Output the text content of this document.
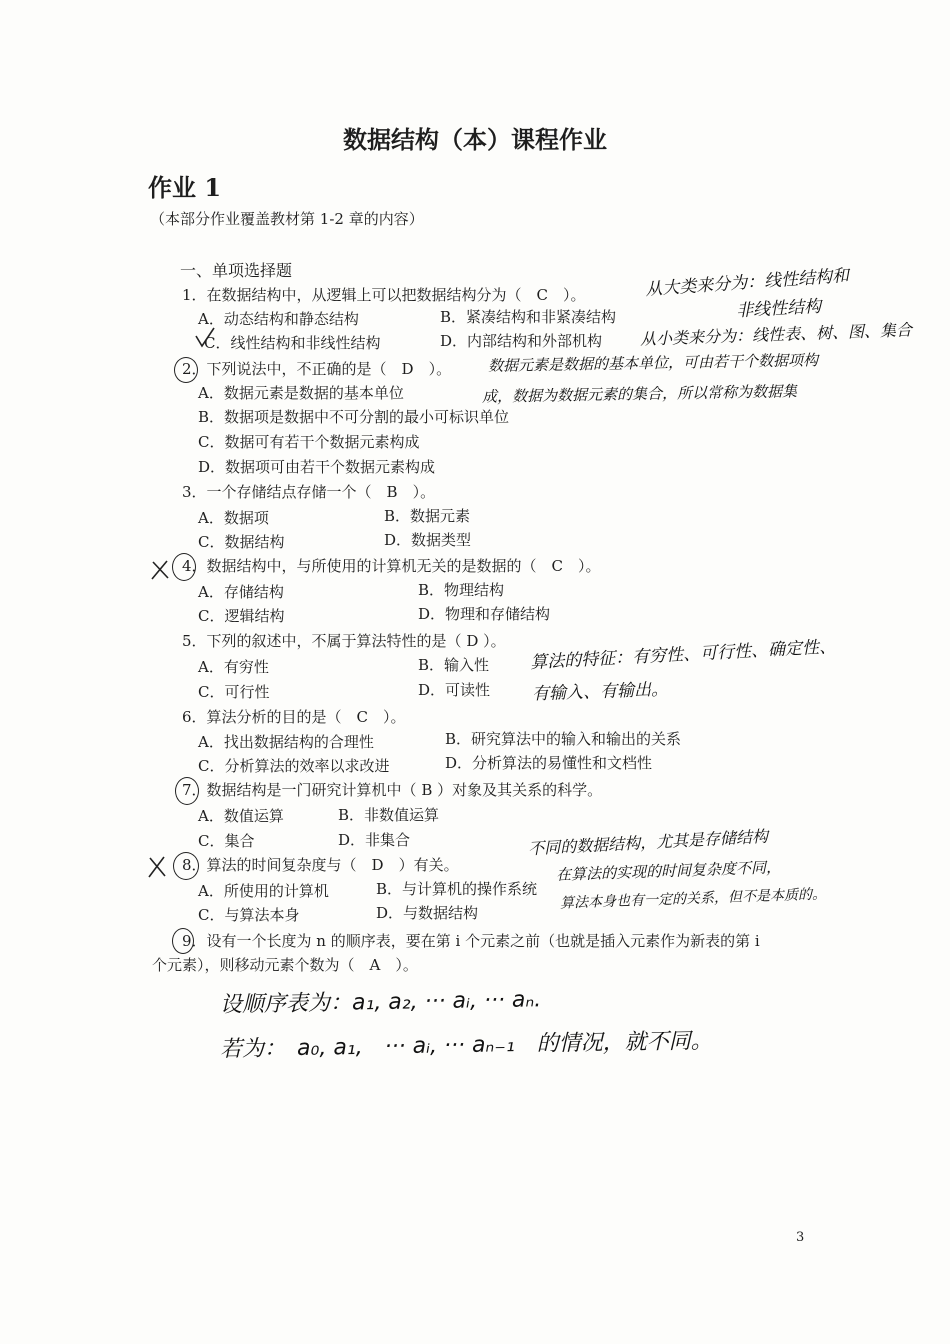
数据结构（本）课程作业
作业 1
（本部分作业覆盖教材第 1-2 章的内容）
一、单项选择题
1．在数据结构中，从逻辑上可以把数据结构分为（　C　）。
A．动态结构和静态结构	B．紧凑结构和非紧凑结构
C．线性结构和非线性结构	D．内部结构和外部机构
2．下列说法中，不正确的是（　D　）。
A．数据元素是数据的基本单位
B．数据项是数据中不可分割的最小可标识单位
C．数据可有若干个数据元素构成
D．数据项可由若干个数据元素构成
3．一个存储结点存储一个（　B　）。
A．数据项	B．数据元素
C．数据结构	D．数据类型
4．数据结构中，与所使用的计算机无关的是数据的（　C　）。
A．存储结构	B．物理结构
C．逻辑结构	D．物理和存储结构
5．下列的叙述中，不属于算法特性的是（ D ）。
A．有穷性	B．输入性
C．可行性	D．可读性
6．算法分析的目的是（　C　）。
A．找出数据结构的合理性	B．研究算法中的输入和输出的关系
C．分析算法的效率以求改进	D．分析算法的易懂性和文档性
7．数据结构是一门研究计算机中（ B ）对象及其关系的科学。
A．数值运算	B．非数值运算
C．集合	D．非集合
8．算法的时间复杂度与（　D　）有关。
A．所使用的计算机	B．与计算机的操作系统
C．与算法本身	D．与数据结构
9．设有一个长度为 n 的顺序表，要在第 i 个元素之前（也就是插入元素作为新表的第 i
个元素），则移动元素个数为（　A　）。
从大类来分为：线性结构和
非线性结构
从小类来分为：线性表、树、图、集合
数据元素是数据的基本单位，可由若干个数据项构
成，数据为数据元素的集合，所以常称为数据集
算法的特征：有穷性、可行性、确定性、
有输入、有输出。
不同的数据结构，尤其是存储结构
在算法的实现的时间复杂度不同，
算法本身也有一定的关系，但不是本质的。
设顺序表为：a₁, a₂, ··· aᵢ, ··· aₙ.
若为：　a₀, a₁,　··· aᵢ, ··· aₙ₋₁　的情况，就不同。
3
